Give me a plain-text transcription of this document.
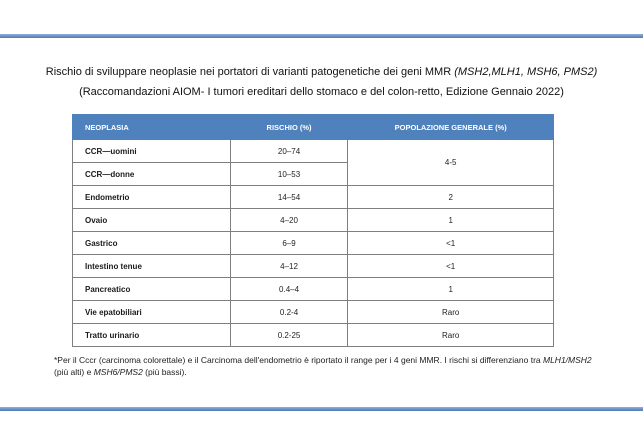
Rischio di sviluppare neoplasie nei portatori di varianti patogenetiche dei geni MMR (MSH2,MLH1, MSH6, PMS2)
(Raccomandazioni AIOM- I tumori ereditari dello stomaco e del colon-retto, Edizione Gennaio 2022)
NEOPLASIA	RISCHIO (%)	POPOLAZIONE GENERALE (%)
CCR—uomini	20–74	4-5
CCR—donne	10–53	
Endometrio	14–54	2
Ovaio	4–20	1
Gastrico	6–9	<1
Intestino tenue	4–12	<1
Pancreatico	0.4–4	1
Vie epatobiliari	0.2-4	Raro
Tratto urinario	0.2-25	Raro
*Per il Cccr (carcinoma colorettale) e il Carcinoma dell'endometrio è riportato il range per i 4 geni MMR. I rischi si differenziano tra MLH1/MSH2 (più alti) e MSH6/PMS2 (più bassi).
